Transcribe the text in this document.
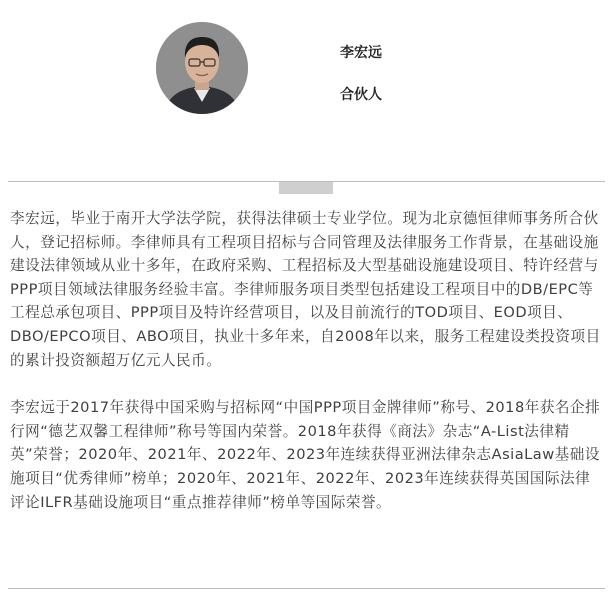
李宏远
合伙人

李宏远，毕业于南开大学法学院，获得法律硕士专业学位。现为北京德恒律师事务所合伙人，登记招标师。李律师具有工程项目招标与合同管理及法律服务工作背景，在基础设施建设法律领域从业十多年，在政府采购、工程招标及大型基础设施建设项目、特许经营与PPP项目领域法律服务经验丰富。李律师服务项目类型包括建设工程项目中的DB/EPC等工程总承包项目、PPP项目及特许经营项目，以及目前流行的TOD项目、EOD项目、DBO/EPCO项目、ABO项目，执业十多年来，自2008年以来，服务工程建设类投资项目的累计投资额超万亿元人民币。

李宏远于2017年获得中国采购与招标网“中国PPP项目金牌律师”称号、2018年获名企排行网“德艺双馨工程律师”称号等国内荣誉。2018年获得《商法》杂志“A-List法律精英”荣誉；2020年、2021年、2022年、2023年连续获得亚洲法律杂志AsiaLaw基础设施项目“优秀律师”榜单；2020年、2021年、2022年、2023年连续获得英国国际法律评论ILFR基础设施项目“重点推荐律师”榜单等国际荣誉。
